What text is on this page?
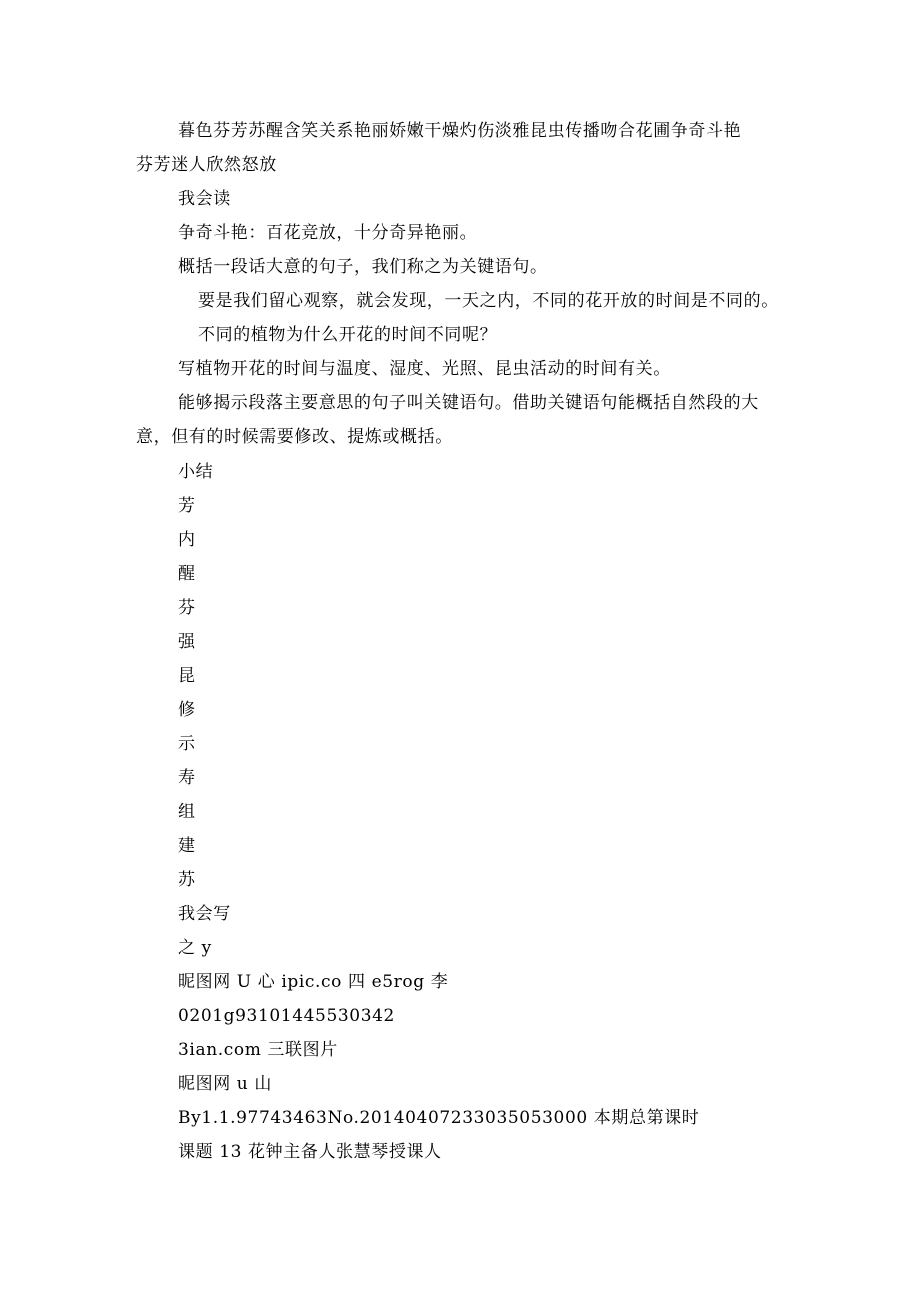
暮色芬芳苏醒含笑关系艳丽娇嫩干燥灼伤淡雅昆虫传播吻合花圃争奇斗艳
芬芳迷人欣然怒放
我会读
争奇斗艳：百花竞放，十分奇异艳丽。
概括一段话大意的句子，我们称之为关键语句。
要是我们留心观察，就会发现，一天之内，不同的花开放的时间是不同的。
不同的植物为什么开花的时间不同呢？
写植物开花的时间与温度、湿度、光照、昆虫活动的时间有关。
能够揭示段落主要意思的句子叫关键语句。借助关键语句能概括自然段的大
意，但有的时候需要修改、提炼或概括。
小结
芳
内
醒
芬
强
昆
修
示
寿
组
建
苏
我会写
之 y
昵图网 U 心 ipic.co 四 e5rog 李
0201g93101445530342
3ian.com 三联图片
昵图网 u 山
By1.1.97743463No.20140407233035053000 本期总第课时
课题 13 花钟主备人张慧琴授课人
